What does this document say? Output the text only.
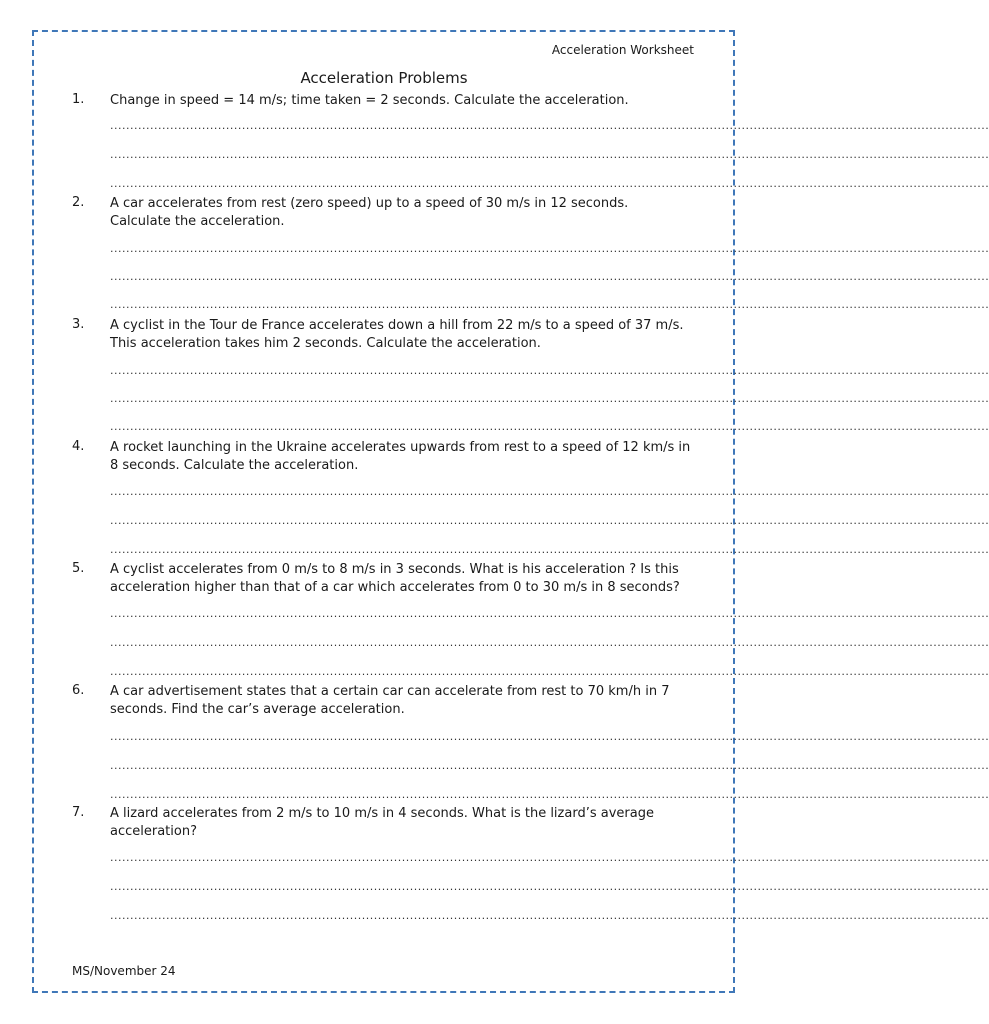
Acceleration Worksheet
Acceleration Problems
1. Change in speed = 14 m/s; time taken = 2 seconds. Calculate the acceleration.
............................................................................................................................................................................................................................
............................................................................................................................................................................................................................
............................................................................................................................................................................................................................
2. A car accelerates from rest (zero speed) up to a speed of 30 m/s in 12 seconds. Calculate the acceleration.
............................................................................................................................................................................................................................
............................................................................................................................................................................................................................
............................................................................................................................................................................................................................
3. A cyclist in the Tour de France accelerates down a hill from 22 m/s to a speed of 37 m/s. This acceleration takes him 2 seconds. Calculate the acceleration.
............................................................................................................................................................................................................................
............................................................................................................................................................................................................................
............................................................................................................................................................................................................................
4. A rocket launching in the Ukraine accelerates upwards from rest to a speed of 12 km/s in 8 seconds. Calculate the acceleration.
............................................................................................................................................................................................................................
............................................................................................................................................................................................................................
............................................................................................................................................................................................................................
5. A cyclist accelerates from 0 m/s to 8 m/s in 3 seconds. What is his acceleration ? Is this acceleration higher than that of a car which accelerates from 0 to 30 m/s in 8 seconds?
............................................................................................................................................................................................................................
............................................................................................................................................................................................................................
............................................................................................................................................................................................................................
6. A car advertisement states that a certain car can accelerate from rest to 70 km/h in 7 seconds. Find the car’s average acceleration.
............................................................................................................................................................................................................................
............................................................................................................................................................................................................................
............................................................................................................................................................................................................................
7. A lizard accelerates from 2 m/s to 10 m/s in 4 seconds. What is the lizard’s average acceleration?
............................................................................................................................................................................................................................
............................................................................................................................................................................................................................
............................................................................................................................................................................................................................
MS/November 24
